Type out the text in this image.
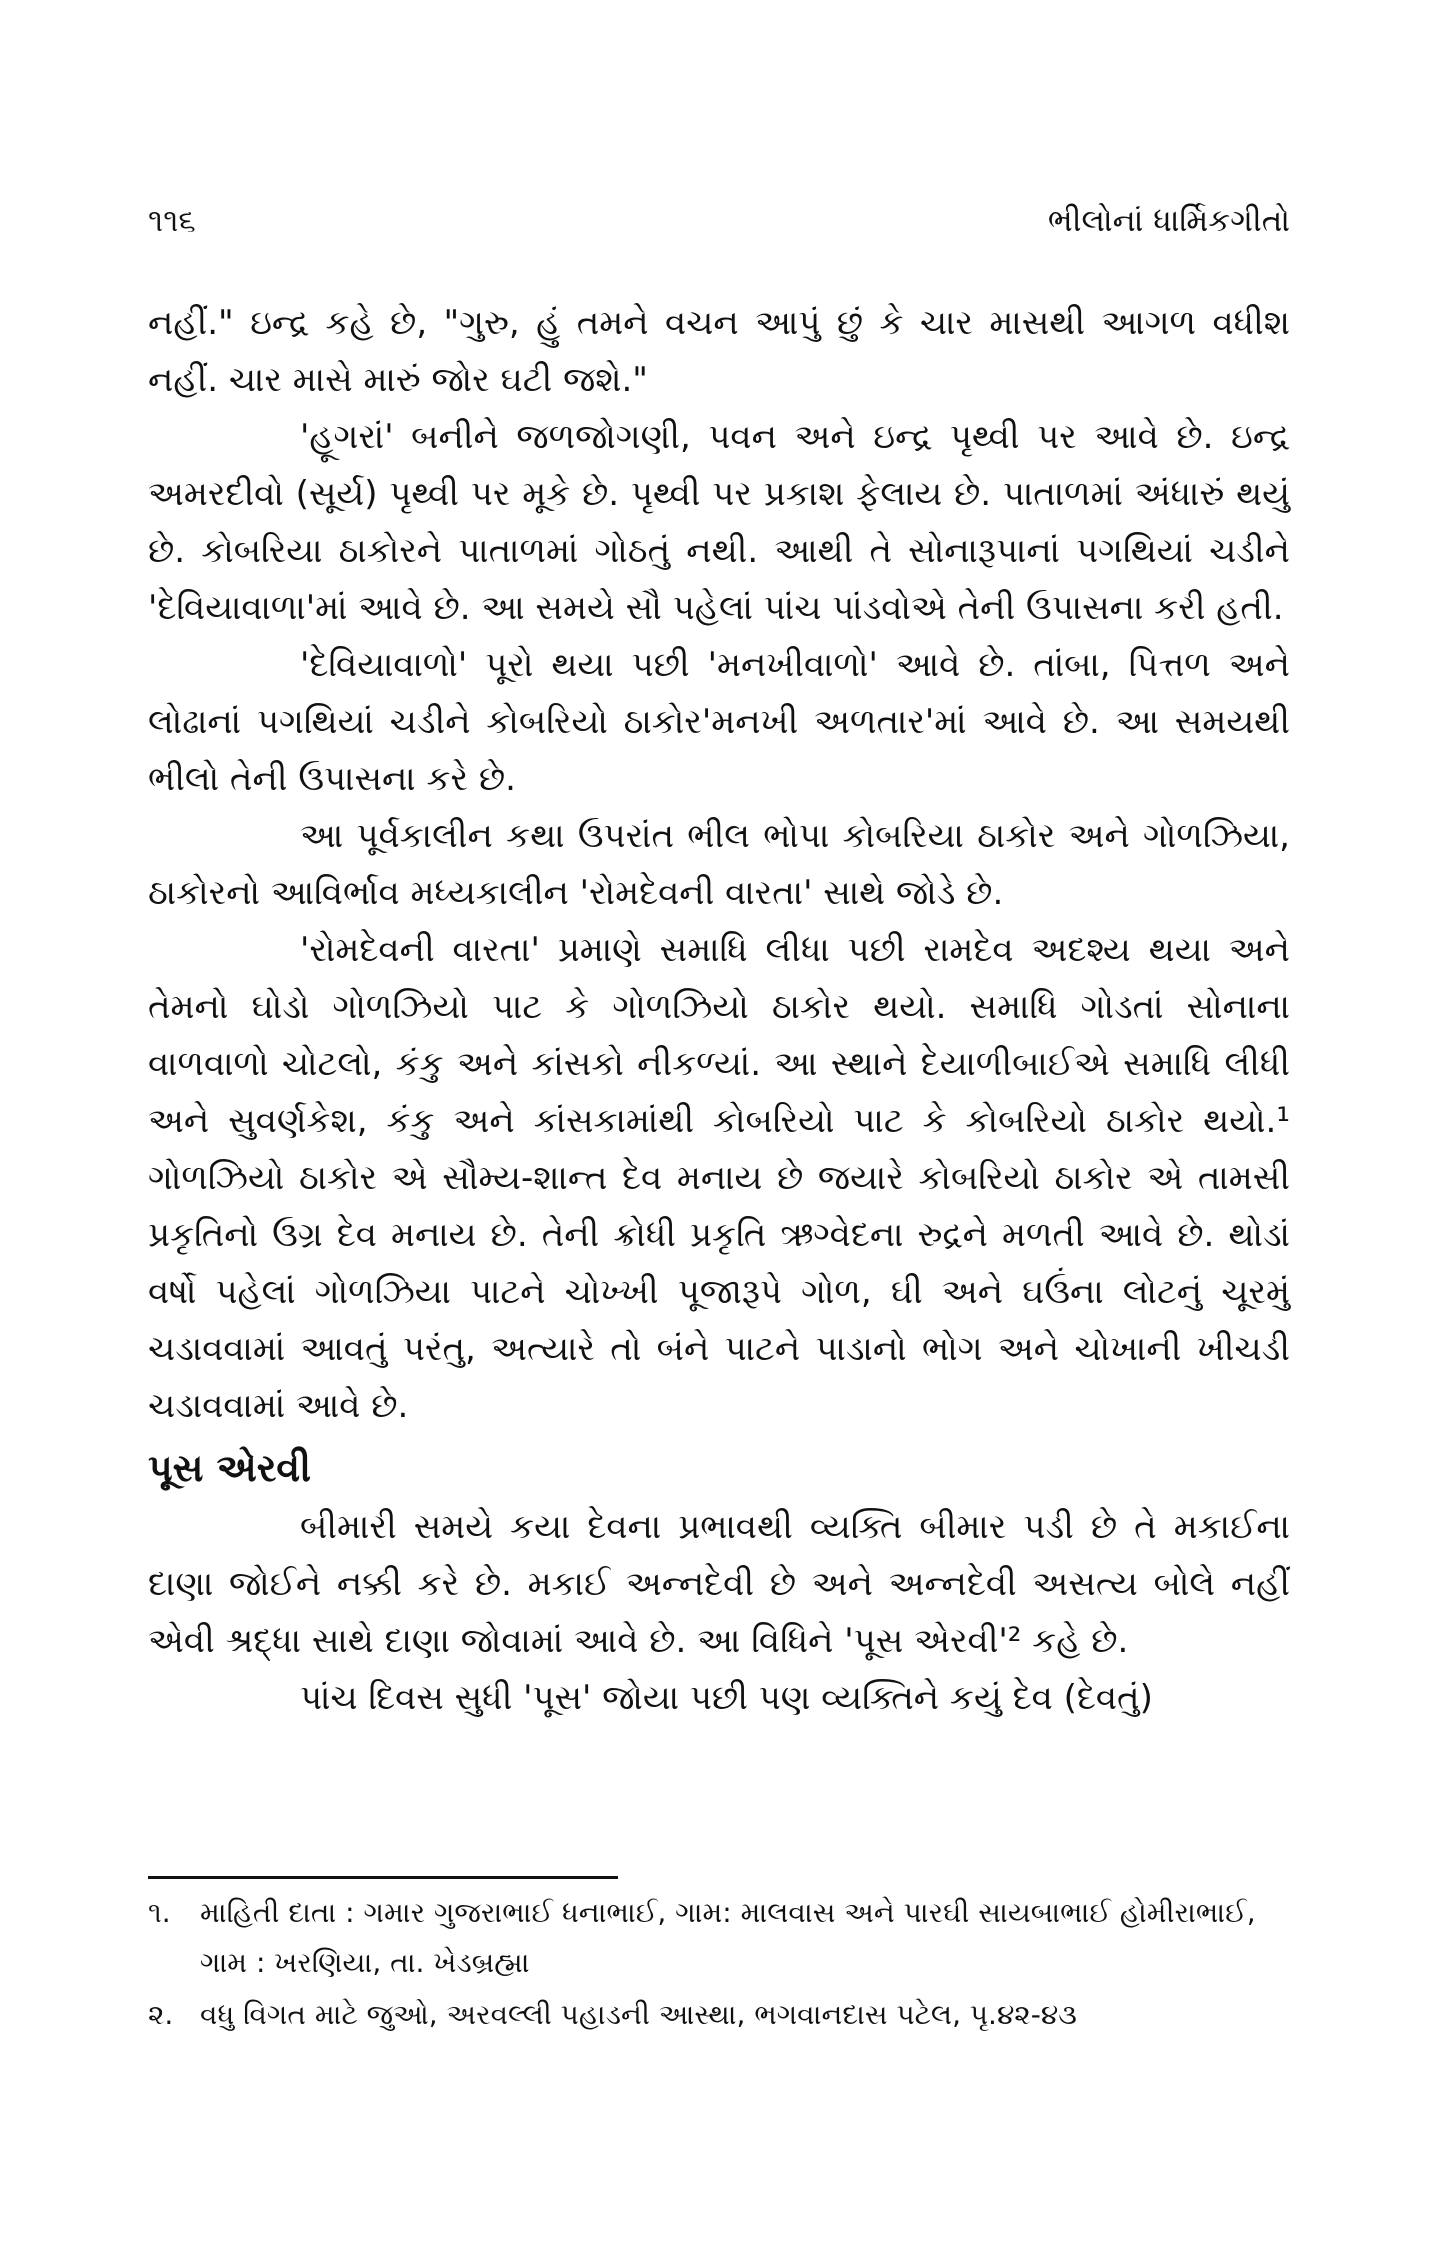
૧૧૬	ભીલોનાં ધાર્મિકગીતો

નહીં." ઇન્દ્ર કહે છે, "ગુરુ, હું તમને વચન આપું છું કે ચાર માસથી આગળ વધીશ નહીં. ચાર માસે મારું જોર ઘટી જશે."

'હૂગરાં' બનીને જળજોગણી, પવન અને ઇન્દ્ર પૃથ્વી પર આવે છે. ઇન્દ્ર અમરદીવો (સૂર્ય) પૃથ્વી પર મૂકે છે. પૃથ્વી પર પ્રકાશ ફેલાય છે. પાતાળમાં અંધારું થયું છે. કોબરિયા ઠાકોરને પાતાળમાં ગોઠતું નથી. આથી તે સોનારૂપાનાં પગથિયાં ચડીને 'દેવિયાવાળા'માં આવે છે. આ સમયે સૌ પહેલાં પાંચ પાંડવોએ તેની ઉપાસના કરી હતી.

'દેવિયાવાળો' પૂરો થયા પછી 'મનખીવાળો' આવે છે. તાંબા, પિત્તળ અને લોઢાનાં પગથિયાં ચડીને કોબરિયો ઠાકોર'મનખી અળતાર'માં આવે છે. આ સમયથી ભીલો તેની ઉપાસના કરે છે.

આ પૂર્વકાલીન કથા ઉપરાંત ભીલ ભોપા કોબરિયા ઠાકોર અને ગોળઝિયા, ઠાકોરનો આવિર્ભાવ મધ્યકાલીન 'રોમદેવની વારતા' સાથે જોડે છે.

'રોમદેવની વારતા' પ્રમાણે સમાધિ લીધા પછી રામદેવ અદશ્ય થયા અને તેમનો ઘોડો ગોળઝિયો પાટ કે ગોળઝિયો ઠાકોર થયો. સમાધિ ગોડતાં સોનાના વાળવાળો ચોટલો, કંકુ અને કાંસકો નીકળ્યાં. આ સ્થાને દેયાળીબાઈએ સમાધિ લીધી અને સુવર્ણકેશ, કંકુ અને કાંસકામાંથી કોબરિયો પાટ કે કોબરિયો ઠાકોર થયો.¹ ગોળઝિયો ઠાકોર એ સૌમ્ય-શાન્ત દેવ મનાય છે જયારે કોબરિયો ઠાકોર એ તામસી પ્રકૃતિનો ઉગ્ર દેવ મનાય છે. તેની ક્રોધી પ્રકૃતિ ઋગ્વેદના રુદ્રને મળતી આવે છે. થોડાં વર્ષો પહેલાં ગોળઝિયા પાટને ચોખ્ખી પૂજારૂપે ગોળ, ઘી અને ઘઉંના લોટનું ચૂરમું ચડાવવામાં આવતું પરંતુ, અત્યારે તો બંને પાટને પાડાનો ભોગ અને ચોખાની ખીચડી ચડાવવામાં આવે છે.

પૂસ એરવી

બીમારી સમયે કયા દેવના પ્રભાવથી વ્યક્તિ બીમાર પડી છે તે મકાઈના દાણા જોઈને નક્કી કરે છે. મકાઈ અન્નદેવી છે અને અન્નદેવી અસત્ય બોલે નહીં એવી શ્રદ્ધા સાથે દાણા જોવામાં આવે છે. આ વિધિને 'પૂસ એરવી'² કહે છે.

પાંચ દિવસ સુધી 'પૂસ' જોયા પછી પણ વ્યક્તિને કયું દેવ (દેવતું)

૧.	માહિતી દાતા : ગમાર ગુજરાભાઈ ધનાભાઈ, ગામ: માલવાસ અને પારઘી સાયબાભાઈ હોમીરાભાઈ, ગામ : ખરણિયા, તા. ખેડબ્રહ્મા
૨. વધુ વિગત માટે જુઓ, અરવલ્લી પહાડની આસ્થા, ભગવાનદાસ પટેલ, પૃ.૪૨-૪૩
